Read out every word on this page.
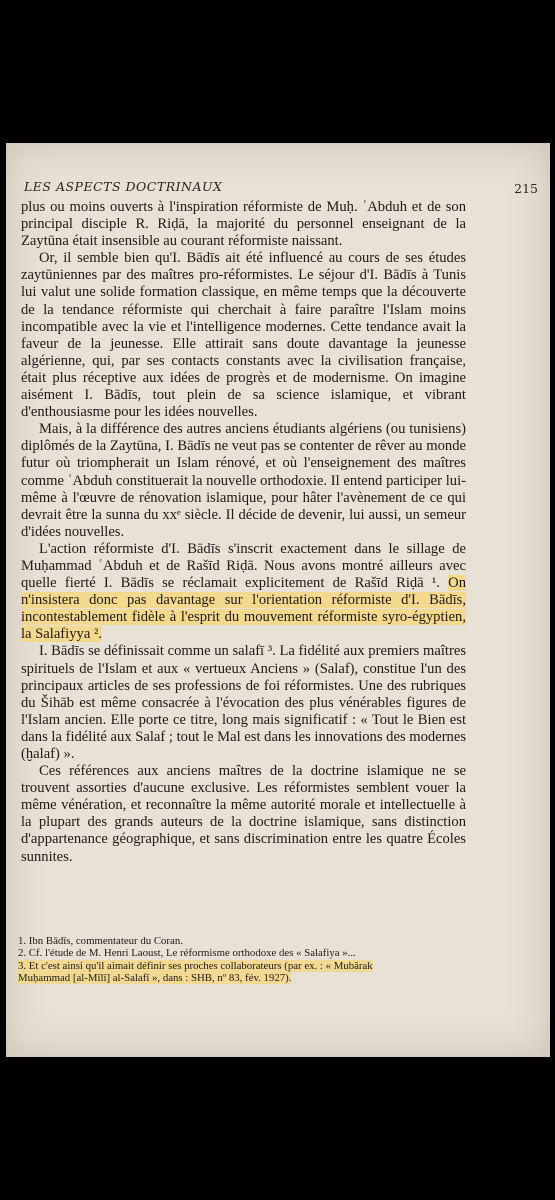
LES ASPECTS DOCTRINAUX	215

plus ou moins ouverts à l'inspiration réformiste de Muḥ. ʿAbduh et de son principal disciple R. Riḍā, la majorité du personnel enseignant de la Zaytūna était insensible au courant réformiste naissant.

Or, il semble bien qu'I. Bādīs ait été influencé au cours de ses études zaytūniennes par des maîtres pro-réformistes. Le séjour d'I. Bādīs à Tunis lui valut une solide formation classique, en même temps que la découverte de la tendance réformiste qui cherchait à faire paraître l'Islam moins incompatible avec la vie et l'intelligence modernes. Cette tendance avait la faveur de la jeunesse. Elle attirait sans doute davantage la jeunesse algérienne, qui, par ses contacts constants avec la civilisation française, était plus réceptive aux idées de progrès et de modernisme. On imagine aisément I. Bādīs, tout plein de sa science islamique, et vibrant d'enthousiasme pour les idées nouvelles.

Mais, à la différence des autres anciens étudiants algériens (ou tunisiens) diplômés de la Zaytūna, I. Bādīs ne veut pas se contenter de rêver au monde futur où triompherait un Islam rénové, et où l'enseignement des maîtres comme ʿAbduh constituerait la nouvelle orthodoxie. Il entend participer lui-même à l'œuvre de rénovation islamique, pour hâter l'avènement de ce qui devrait être la sunna du xxᵉ siècle. Il décide de devenir, lui aussi, un semeur d'idées nouvelles.

L'action réformiste d'I. Bādīs s'inscrit exactement dans le sillage de Muḥammad ʿAbduh et de Rašīd Riḍā. Nous avons montré ailleurs avec quelle fierté I. Bādīs se réclamait explicitement de Rašīd Riḍā ¹. On n'insistera donc pas davantage sur l'orientation réformiste d'I. Bādīs, incontestablement fidèle à l'esprit du mouvement réformiste syro-égyptien, la Salafiyya ².

I. Bādīs se définissait comme un salafī ³. La fidélité aux premiers maîtres spirituels de l'Islam et aux « vertueux Anciens » (Salaf), constitue l'un des principaux articles de ses professions de foi réformistes. Une des rubriques du Šihāb est même consacrée à l'évocation des plus vénérables figures de l'Islam ancien. Elle porte ce titre, long mais significatif : « Tout le Bien est dans la fidélité aux Salaf ; tout le Mal est dans les innovations des modernes (ḫalaf) ».

Ces références aux anciens maîtres de la doctrine islamique ne se trouvent assorties d'aucune exclusive. Les réformistes semblent vouer la même vénération, et reconnaître la même autorité morale et intellectuelle à la plupart des grands auteurs de la doctrine islamique, sans distinction d'appartenance géographique, et sans discrimination entre les quatre Écoles sunnites.

1. Ibn Bādīs, commentateur du Coran.
2. Cf. l'étude de M. Henri Laoust, Le réformisme orthodoxe des « Salafiya »...
3. Et c'est ainsi qu'il aimait définir ses proches collaborateurs (par ex. : « Mubārak
Muḥammad [al-Mīlī] al-Salafī », dans : SHB, nº 83, fév. 1927).
